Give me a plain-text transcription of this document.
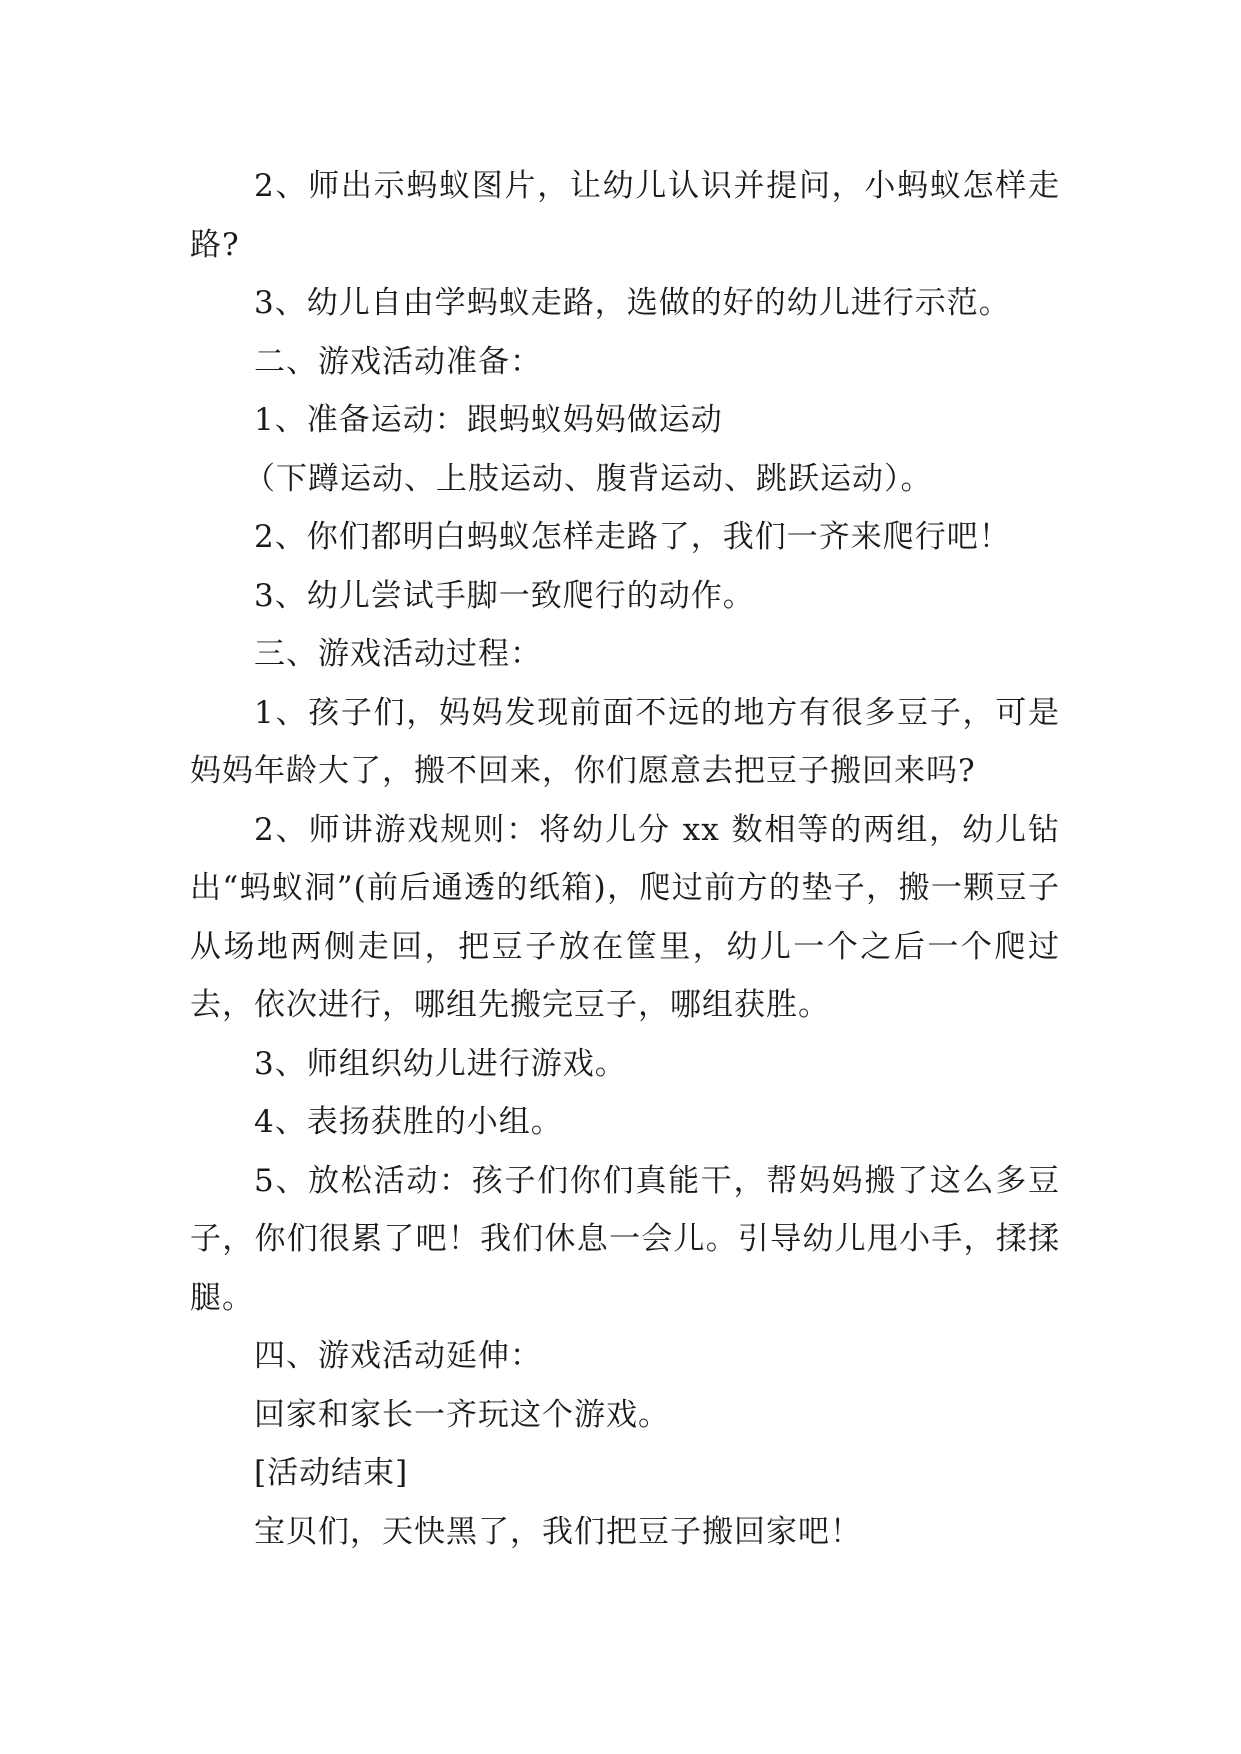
2、师出示蚂蚁图片，让幼儿认识并提问，小蚂蚁怎样走路?

3、幼儿自由学蚂蚁走路，选做的好的幼儿进行示范。

二、游戏活动准备：

1、准备运动：跟蚂蚁妈妈做运动

（下蹲运动、上肢运动、腹背运动、跳跃运动）。

2、你们都明白蚂蚁怎样走路了，我们一齐来爬行吧！

3、幼儿尝试手脚一致爬行的动作。

三、游戏活动过程：

1、孩子们，妈妈发现前面不远的地方有很多豆子，可是妈妈年龄大了，搬不回来，你们愿意去把豆子搬回来吗?

2、师讲游戏规则：将幼儿分 xx 数相等的两组，幼儿钻出“蚂蚁洞”(前后通透的纸箱)，爬过前方的垫子，搬一颗豆子从场地两侧走回，把豆子放在筐里，幼儿一个之后一个爬过去，依次进行，哪组先搬完豆子，哪组获胜。

3、师组织幼儿进行游戏。

4、表扬获胜的小组。

5、放松活动：孩子们你们真能干，帮妈妈搬了这么多豆子，你们很累了吧！我们休息一会儿。引导幼儿甩小手，揉揉腿。

四、游戏活动延伸：

回家和家长一齐玩这个游戏。

[活动结束]

宝贝们，天快黑了，我们把豆子搬回家吧！
